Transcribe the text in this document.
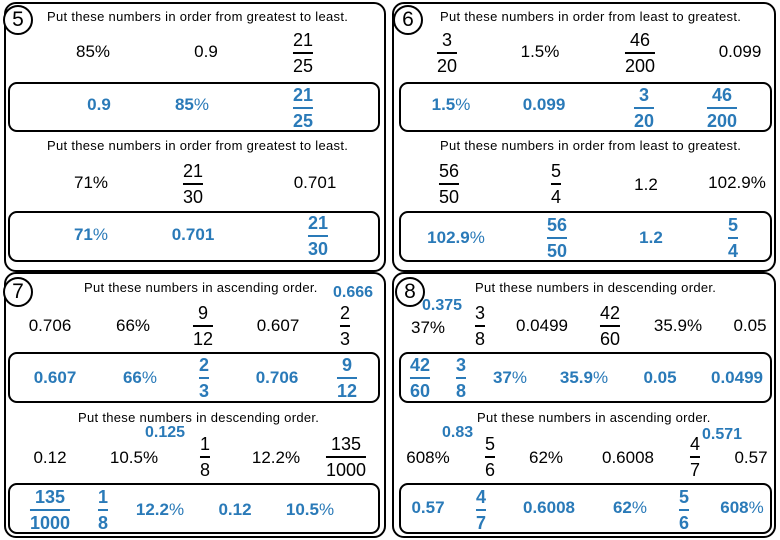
5	Put these numbers in order from greatest to least.
85%	0.9
21
25
0.9	85%	21
25
Put these numbers in order from greatest to least.
71%
21
30
0.701
71%	0.701
21
30
6	Put these numbers in order from least to greatest.
3
20
1.5%
46
200
0.099
1.5%	0.099	3
20
46
200
Put these numbers in order from least to greatest.
56
50
5
4
1.2	102.9%
102.9%
56
50
1.2
5
4
7	Put these numbers in ascending order. 0.666
0.706	66%
9
12
0.607
2
3
0.607	66%
2
3
0.706
9
12
Put these numbers in descending order.
0.125
0.12	10.5%
1
8
12.2%
135
1000
135
1000
1
8
12.2% 0.12 10.5%
8	Put these numbers in descending order.
0.375
37%
3
8
0.0499
42
60
35.9% 0.05
42
60
3
8
37% 35.9% 0.05 0.0499
Put these numbers in ascending order.
0.83	0.571
608%
5
6
62% 0.6008
4
7
0.57
0.57
4
7
0.6008 62%
5
6
608%
